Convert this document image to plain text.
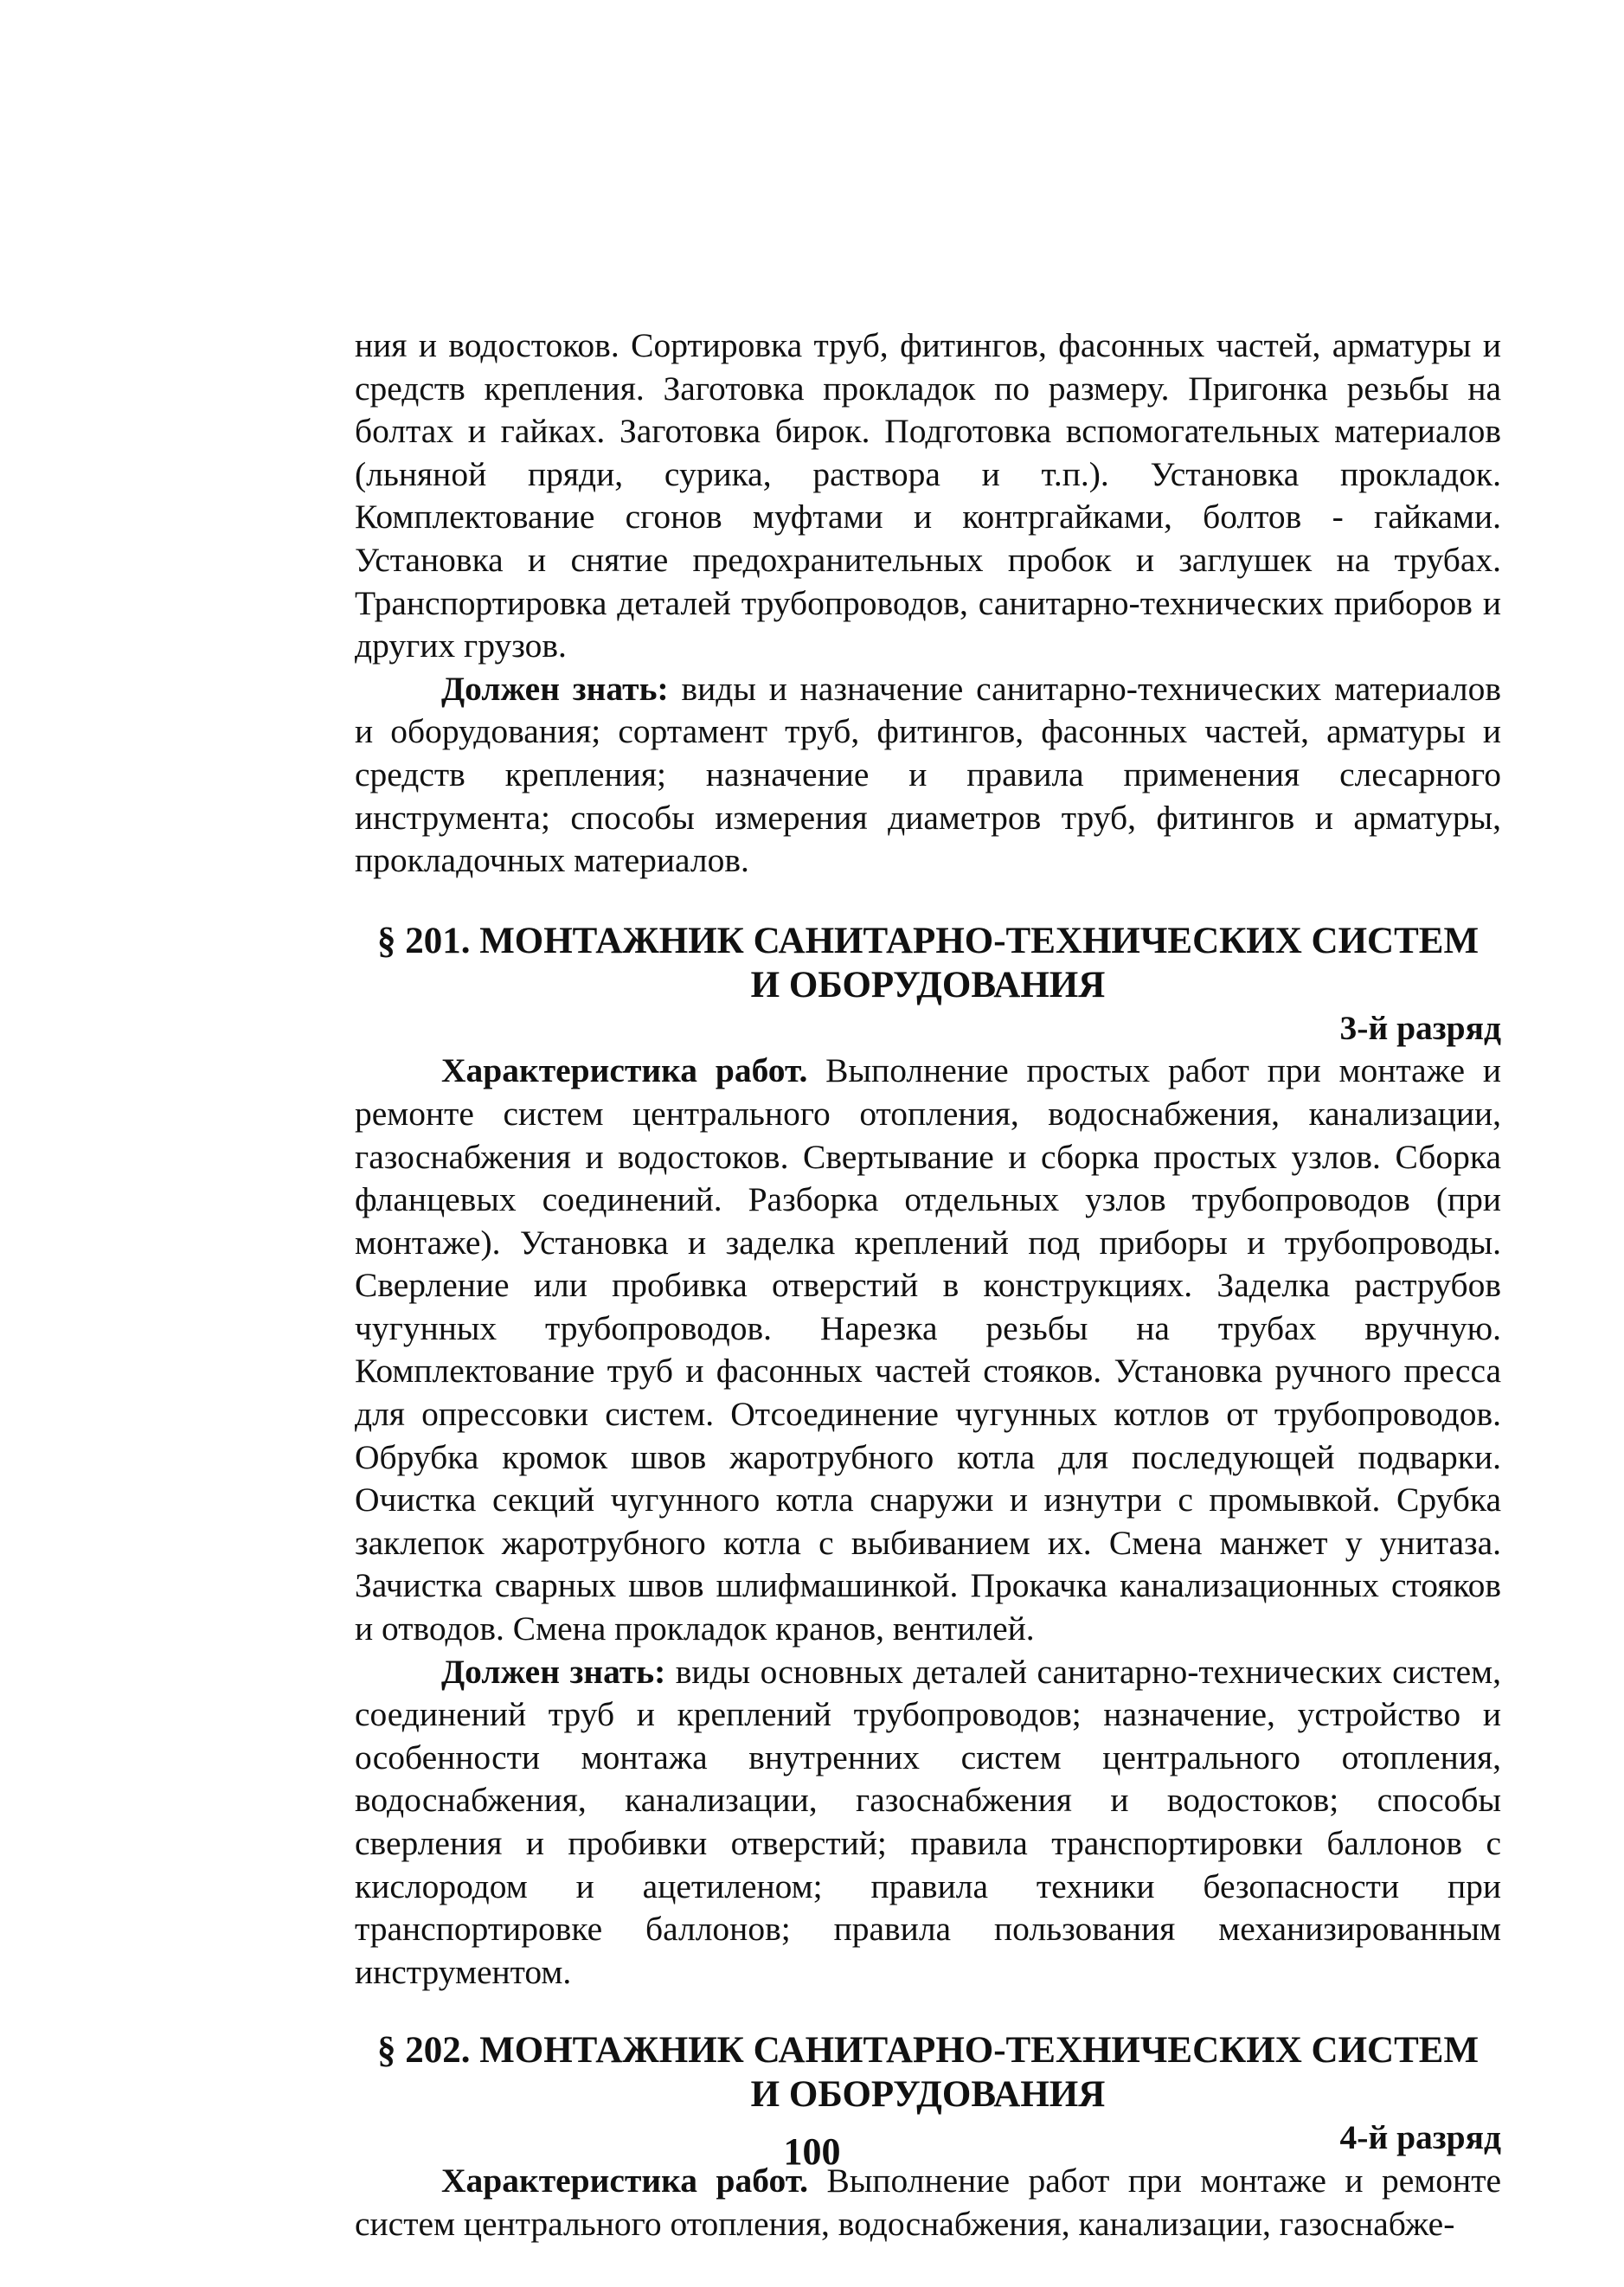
ния и водостоков. Сортировка труб, фитингов, фасонных частей, арматуры и средств крепления. Заготовка прокладок по размеру. Пригонка резьбы на болтах и гайках. Заготовка бирок. Подготовка вспомогательных материалов (льняной пряди, сурика, раствора и т.п.). Установка прокладок. Комплектование сгонов муфтами и контргайками, болтов - гайками. Установка и снятие предохранительных пробок и заглушек на трубах. Транспортировка деталей трубопроводов, санитарно-технических приборов и других грузов.

Должен знать: виды и назначение санитарно-технических материалов и оборудования; сортамент труб, фитингов, фасонных частей, арматуры и средств крепления; назначение и правила применения слесарного инструмента; способы измерения диаметров труб, фитингов и арматуры, прокладочных материалов.

§ 201. МОНТАЖНИК САНИТАРНО-ТЕХНИЧЕСКИХ СИСТЕМ
И ОБОРУДОВАНИЯ

3-й разряд

Характеристика работ. Выполнение простых работ при монтаже и ремонте систем центрального отопления, водоснабжения, канализации, газоснабжения и водостоков. Свертывание и сборка простых узлов. Сборка фланцевых соединений. Разборка отдельных узлов трубопроводов (при монтаже). Установка и заделка креплений под приборы и трубопроводы. Сверление или пробивка отверстий в конструкциях. Заделка раструбов чугунных трубопроводов. Нарезка резьбы на трубах вручную. Комплектование труб и фасонных частей стояков. Установка ручного пресса для опрессовки систем. Отсоединение чугунных котлов от трубопроводов. Обрубка кромок швов жаротрубного котла для последующей подварки. Очистка секций чугунного котла снаружи и изнутри с промывкой. Срубка заклепок жаротрубного котла с выбиванием их. Смена манжет у унитаза. Зачистка сварных швов шлифмашинкой. Прокачка канализационных стояков и отводов. Смена прокладок кранов, вентилей.

Должен знать: виды основных деталей санитарно-технических систем, соединений труб и креплений трубопроводов; назначение, устройство и особенности монтажа внутренних систем центрального отопления, водоснабжения, канализации, газоснабжения и водостоков; способы сверления и пробивки отверстий; правила транспортировки баллонов с кислородом и ацетиленом; правила техники безопасности при транспортировке баллонов; правила пользования механизированным инструментом.

§ 202. МОНТАЖНИК САНИТАРНО-ТЕХНИЧЕСКИХ СИСТЕМ
И ОБОРУДОВАНИЯ

4-й разряд

Характеристика работ. Выполнение работ при монтаже и ремонте систем центрального отопления, водоснабжения, канализации, газоснабже-

100
